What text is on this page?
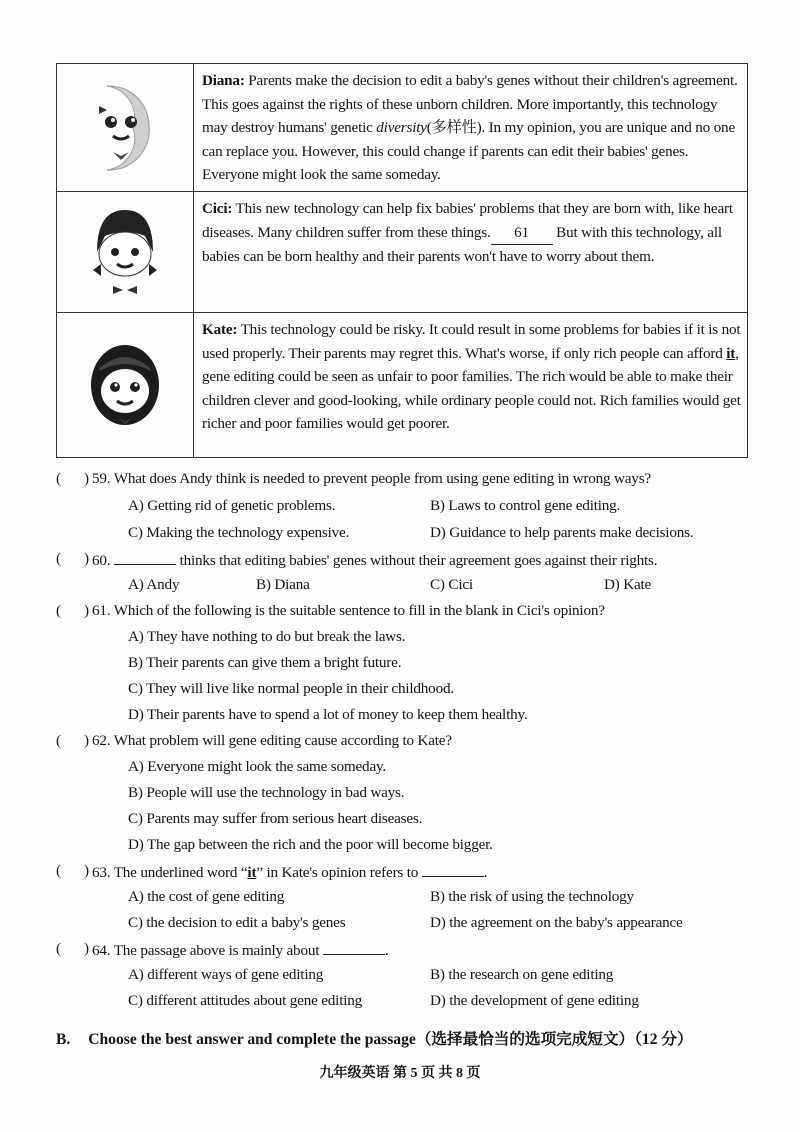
	Diana: Parents make the decision to edit a baby's genes without their children's agreement. This goes against the rights of these unborn children. More importantly, this technology may destroy humans' genetic diversity(多样性). In my opinion, you are unique and no one can replace you. However, this could change if parents can edit their babies' genes. Everyone might look the same someday.

	Cici: This new technology can help fix babies' problems that they are born with, like heart diseases. Many children suffer from these things. 61 But with this technology, all babies can be born healthy and their parents won't have to worry about them.

	Kate: This technology could be risky. It could result in some problems for babies if it is not used properly. Their parents may regret this. What's worse, if only rich people can afford it, gene editing could be seen as unfair to poor families. The rich would be able to make their children clever and good-looking, while ordinary people could not. Rich families would get richer and poor families would get poorer.
( ) 59. What does Andy think is needed to prevent people from using gene editing in wrong ways?
A) Getting rid of genetic problems.	B) Laws to control gene editing.
C) Making the technology expensive.	D) Guidance to help parents make decisions.
( ) 60.	thinks that editing babies' genes without their agreement goes against their rights.
A) Andy	B) Diana	C) Cici	D) Kate
( ) 61. Which of the following is the suitable sentence to fill in the blank in Cici's opinion?
A) They have nothing to do but break the laws.
B) Their parents can give them a bright future.
C) They will live like normal people in their childhood.
D) Their parents have to spend a lot of money to keep them healthy.
( ) 62. What problem will gene editing cause according to Kate?
A) Everyone might look the same someday.
B) People will use the technology in bad ways.
C) Parents may suffer from serious heart diseases.
D) The gap between the rich and the poor will become bigger.
( ) 63. The underlined word “it” in Kate's opinion refers to	.
A) the cost of gene editing	B) the risk of using the technology
C) the decision to edit a baby's genes	D) the agreement on the baby's appearance
( ) 64. The passage above is mainly about	.
A) different ways of gene editing	B) the research on gene editing
C) different attitudes about gene editing	D) the development of gene editing
B. Choose the best answer and complete the passage（选择最恰当的选项完成短文）（12 分）
九年级英语 第 5 页 共 8 页
